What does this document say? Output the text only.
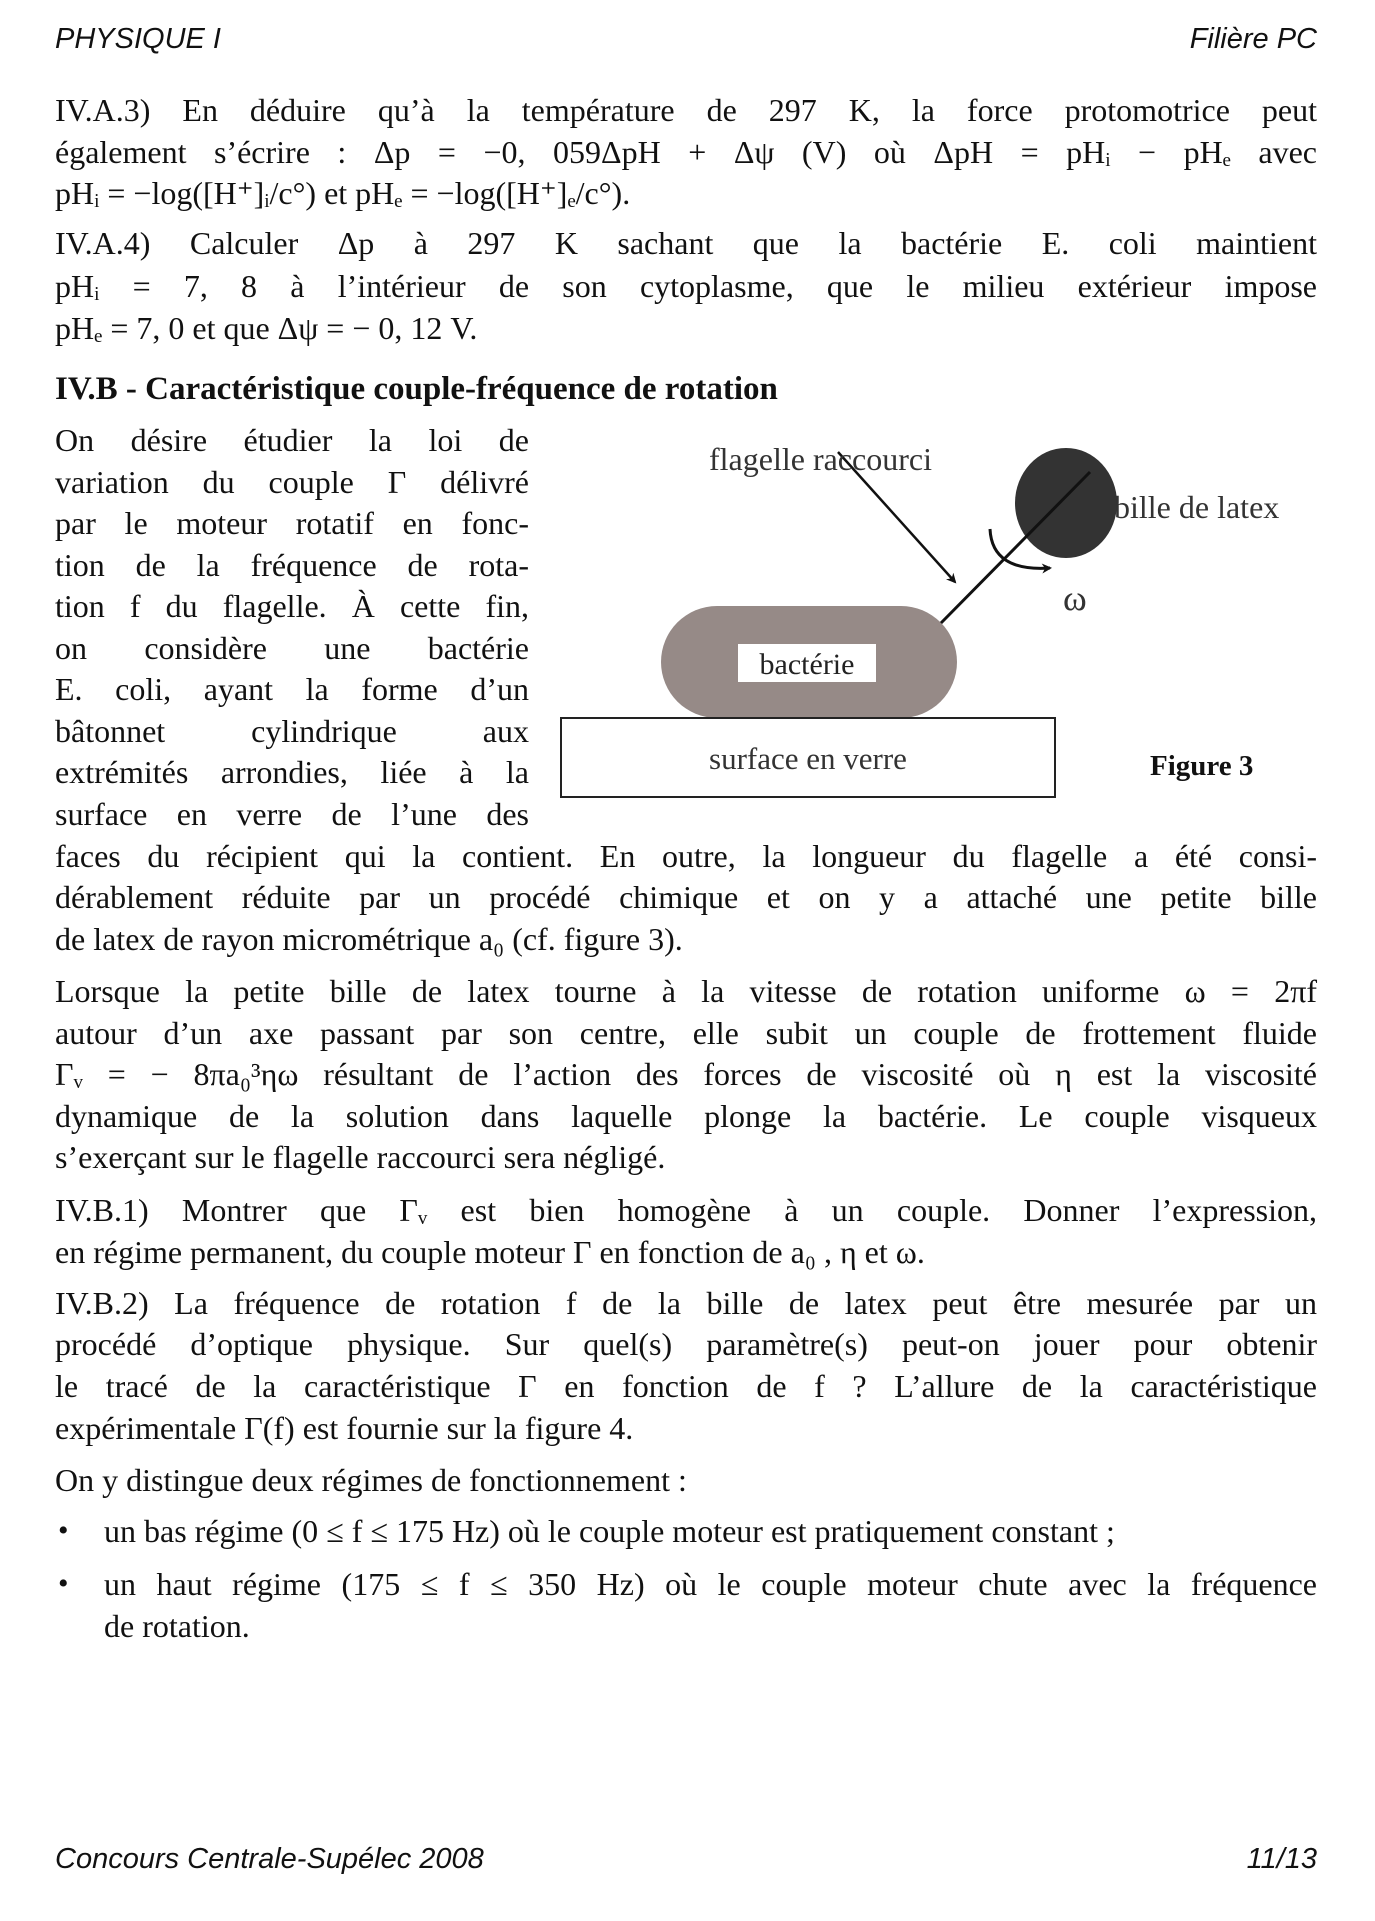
bactérie
surface en verre
flagelle raccourci
bille de latex
ω
Figure 3
IV.A.3) En déduire qu’à la température de 297 K, la force protomotrice peut
également s’écrire : Δp = −0, 059ΔpH + Δψ (V) où ΔpH = pHᵢ − pHₑ avec
pHᵢ = −log([H⁺]ᵢ/c°) et pHₑ = −log([H⁺]ₑ/c°).
IV.A.4) Calculer Δp à 297 K sachant que la bactérie E. coli maintient
pHᵢ = 7, 8 à l’intérieur de son cytoplasme, que le milieu extérieur impose
pHₑ = 7, 0 et que Δψ = − 0, 12 V.
IV.B - Caractéristique couple-fréquence de rotation
On désire étudier la loi de
variation du couple Γ délivré
par le moteur rotatif en fonc-
tion de la fréquence de rota-
tion f du flagelle. À cette fin,
on considère une bactérie
E. coli, ayant la forme d’un
bâtonnet cylindrique aux
extrémités arrondies, liée à la
surface en verre de l’une des
faces du récipient qui la contient. En outre, la longueur du flagelle a été consi-
dérablement réduite par un procédé chimique et on y a attaché une petite bille
de latex de rayon micrométrique a₀ (cf. figure 3).
Lorsque la petite bille de latex tourne à la vitesse de rotation uniforme ω = 2πf
autour d’un axe passant par son centre, elle subit un couple de frottement fluide
Γᵥ = − 8πa₀³ηω résultant de l’action des forces de viscosité où η est la viscosité
dynamique de la solution dans laquelle plonge la bactérie. Le couple visqueux
s’exerçant sur le flagelle raccourci sera négligé.
IV.B.1) Montrer que Γᵥ est bien homogène à un couple. Donner l’expression,
en régime permanent, du couple moteur Γ en fonction de a₀ , η et ω.
IV.B.2) La fréquence de rotation f de la bille de latex peut être mesurée par un
procédé d’optique physique. Sur quel(s) paramètre(s) peut-on jouer pour obtenir
le tracé de la caractéristique Γ en fonction de f ? L’allure de la caractéristique
expérimentale Γ(f) est fournie sur la figure 4.
On y distingue deux régimes de fonctionnement :
• un bas régime (0 ≤ f ≤ 175 Hz) où le couple moteur est pratiquement constant ;
• un haut régime (175 ≤ f ≤ 350 Hz) où le couple moteur chute avec la fréquence
de rotation.
PHYSIQUE I	Filière PC
Concours Centrale-Supélec 2008	11/13
